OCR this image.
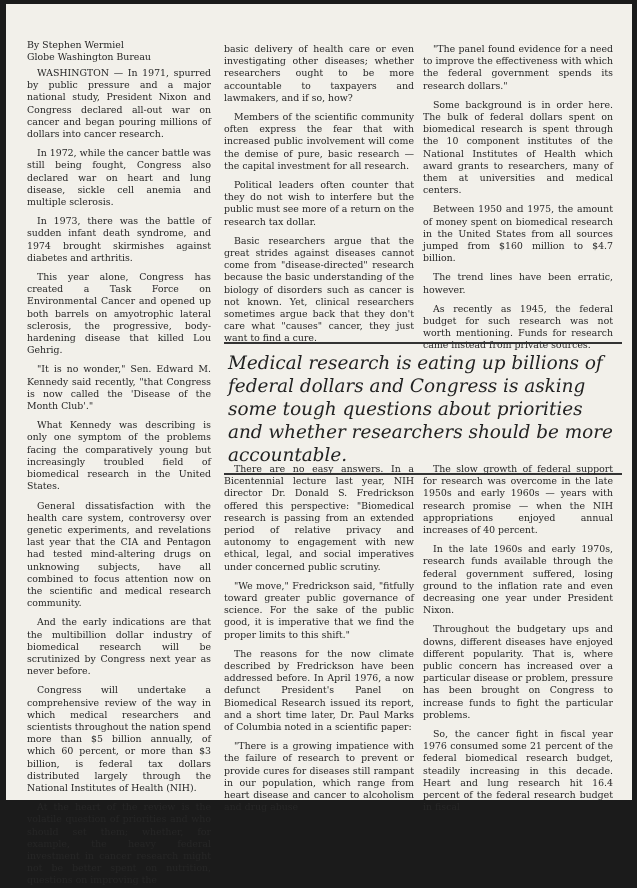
By Stephen Wermiel
Globe Washington Bureau

WASHINGTON — In 1971, spurred by public pressure and a major national study, President Nixon and Congress declared all-out war on cancer and began pouring millions of dollars into cancer research.

In 1972, while the cancer battle was still being fought, Congress also declared war on heart and lung disease, sickle cell anemia and multiple sclerosis.

In 1973, there was the battle of sudden infant death syndrome, and 1974 brought skirmishes against diabetes and arthritis.

This year alone, Congress has created a Task Force on Environmental Cancer and opened up both barrels on amyotrophic lateral sclerosis, the progressive, body-hardening disease that killed Lou Gehrig.

"It is no wonder," Sen. Edward M. Kennedy said recently, "that Congress is now called the 'Disease of the Month Club'."

What Kennedy was describing is only one symptom of the problems facing the comparatively young but increasingly troubled field of biomedical research in the United States.

General dissatisfaction with the health care system, controversy over genetic experiments, and revelations last year that the CIA and Pentagon had tested mind-altering drugs on unknowing subjects, have all combined to focus attention now on the scientific and medical research community.

And the early indications are that the multibillion dollar industry of biomedical research will be scrutinized by Congress next year as never before.

Congress will undertake a comprehensive review of the way in which medical researchers and scientists throughout the nation spend more than $5 billion annually, of which 60 percent, or more than $3 billion, is federal tax dollars distributed largely through the National Institutes of Health (NIH).

At the heart of the review is the volatile question of priorities and who should set them; whether, for example, the heavy federal investment in cancer research might not be better spent on nutrition, questions on improving the

basic delivery of health care or even investigating other diseases; whether researchers ought to be more accountable to taxpayers and lawmakers, and if so, how?

Members of the scientific community often express the fear that with increased public involvement will come the demise of pure, basic research — the capital investment for all research.

Political leaders often counter that they do not wish to interfere but the public must see more of a return on the research tax dollar.

Basic researchers argue that the great strides against diseases cannot come from "disease-directed" research because the basic understanding of the biology of disorders such as cancer is not known. Yet, clinical researchers sometimes argue back that they don't care what "causes" cancer, they just want to find a cure.

"The panel found evidence for a need to improve the effectiveness with which the federal government spends its research dollars."

Some background is in order here. The bulk of federal dollars spent on biomedical research is spent through the 10 component institutes of the National Institutes of Health which award grants to researchers, many of them at universities and medical centers.

Between 1950 and 1975, the amount of money spent on biomedical research in the United States from all sources jumped from $160 million to $4.7 billion.

The trend lines have been erratic, however.

As recently as 1945, the federal budget for such research was not worth mentioning. Funds for research came instead from private sources.

Medical research is eating up billions of federal dollars and Congress is asking some tough questions about priorities and whether researchers should be more accountable.

There are no easy answers. In a Bicentennial lecture last year, NIH director Dr. Donald S. Fredrickson offered this perspective: "Biomedical research is passing from an extended period of relative privacy and autonomy to engagement with new ethical, legal, and social imperatives under concerned public scrutiny.

"We move," Fredrickson said, "fitfully toward greater public governance of science. For the sake of the public good, it is imperative that we find the proper limits to this shift."

The reasons for the now climate described by Fredrickson have been addressed before. In April 1976, a now defunct President's Panel on Biomedical Research issued its report, and a short time later, Dr. Paul Marks of Columbia noted in a scientific paper:

"There is a growing impatience with the failure of research to prevent or provide cures for diseases still rampant in our population, which range from heart disease and cancer to alcoholism and drug abuse

The slow growth of federal support for research was overcome in the late 1950s and early 1960s — years with research promise — when the NIH appropriations enjoyed annual increases of 40 percent.

In the late 1960s and early 1970s, research funds available through the federal government suffered, losing ground to the inflation rate and even decreasing one year under President Nixon.

Throughout the budgetary ups and downs, different diseases have enjoyed different popularity. That is, where public concern has increased over a particular disease or problem, pressure has been brought on Congress to increase funds to fight the particular problems.

So, the cancer fight in fiscal year 1976 consumed some 21 percent of the federal biomedical research budget, steadily increasing in this decade. Heart and lung research hit 16.4 percent of the federal research budget in fiscal
